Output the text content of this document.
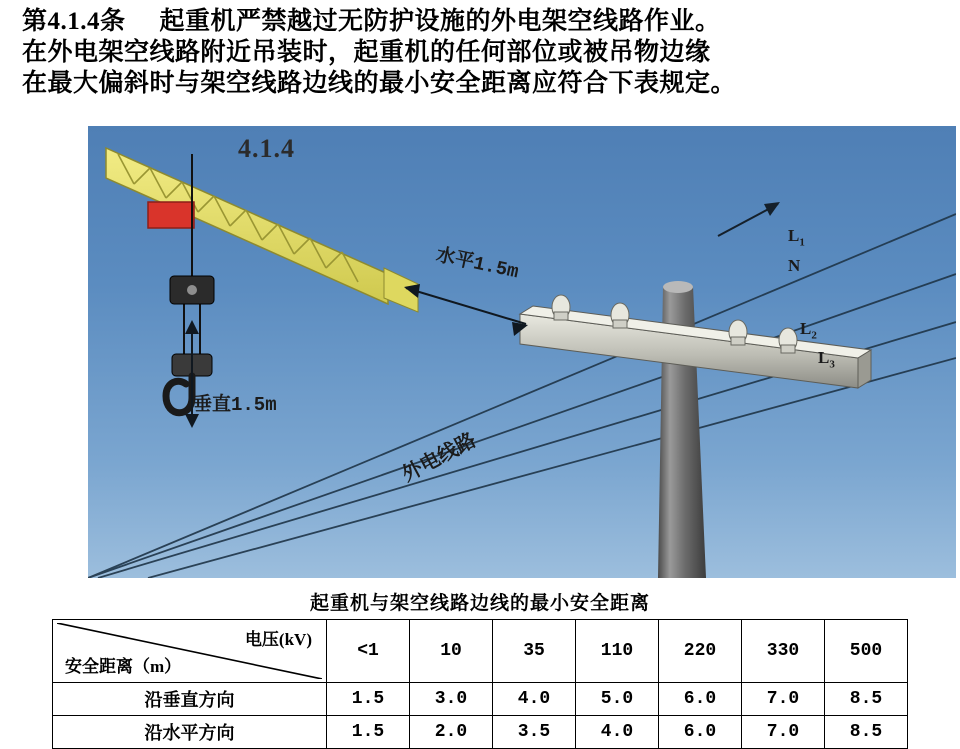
第4.1.4条 起重机严禁越过无防护设施的外电架空线路作业。
在外电架空线路附近吊装时，起重机的任何部位或被吊物边缘
在最大偏斜时与架空线路边线的最小安全距离应符合下表规定。
4.1.4
水平1.5m
垂直1.5m
外电线路
$L_1$
N
$L_2$
$L_3$
起重机与架空线路边线的最小安全距离
电压(kV)
安全距离（m）	<1	10	35	110	220	330	500
沿垂直方向	1.5	3.0	4.0	5.0	6.0	7.0	8.5
沿水平方向	1.5	2.0	3.5	4.0	6.0	7.0	8.5
